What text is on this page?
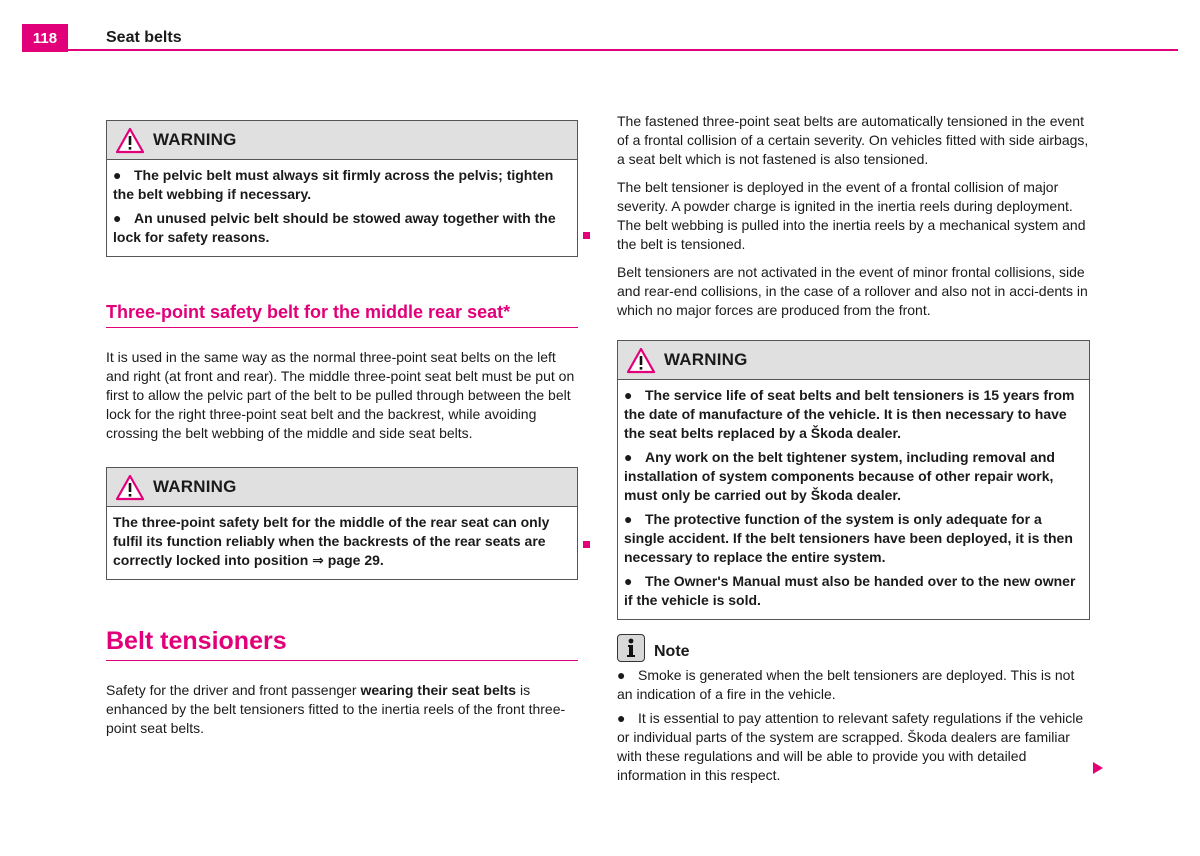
118	Seat belts
WARNING

● The pelvic belt must always sit firmly across the pelvis; tighten the belt webbing if necessary.

● An unused pelvic belt should be stowed away together with the lock for safety reasons.

Three-point safety belt for the middle rear seat*

It is used in the same way as the normal three-point seat belts on the left and right (at front and rear). The middle three-point seat belt must be put on first to allow the pelvic part of the belt to be pulled through between the belt lock for the right three-point seat belt and the backrest, while avoiding crossing the belt webbing of the middle and side seat belts.

WARNING

The three-point safety belt for the middle of the rear seat can only fulfil its function reliably when the backrests of the rear seats are correctly locked into position ⇒ page 29.

Belt tensioners

Safety for the driver and front passenger wearing their seat belts is enhanced by the belt tensioners fitted to the inertia reels of the front three-point seat belts.

The fastened three-point seat belts are automatically tensioned in the event of a frontal collision of a certain severity. On vehicles fitted with side airbags, a seat belt which is not fastened is also tensioned.

The belt tensioner is deployed in the event of a frontal collision of major severity. A powder charge is ignited in the inertia reels during deployment. The belt webbing is pulled into the inertia reels by a mechanical system and the belt is tensioned.

Belt tensioners are not activated in the event of minor frontal collisions, side and rear-end collisions, in the case of a rollover and also not in acci-dents in which no major forces are produced from the front.

WARNING

● The service life of seat belts and belt tensioners is 15 years from the date of manufacture of the vehicle. It is then necessary to have the seat belts replaced by a Škoda dealer.

● Any work on the belt tightener system, including removal and installation of system components because of other repair work, must only be carried out by Škoda dealer.

● The protective function of the system is only adequate for a single accident. If the belt tensioners have been deployed, it is then necessary to replace the entire system.

● The Owner's Manual must also be handed over to the new owner if the vehicle is sold.

Note

● Smoke is generated when the belt tensioners are deployed. This is not an indication of a fire in the vehicle.

● It is essential to pay attention to relevant safety regulations if the vehicle or individual parts of the system are scrapped. Škoda dealers are familiar with these regulations and will be able to provide you with detailed information in this respect.
